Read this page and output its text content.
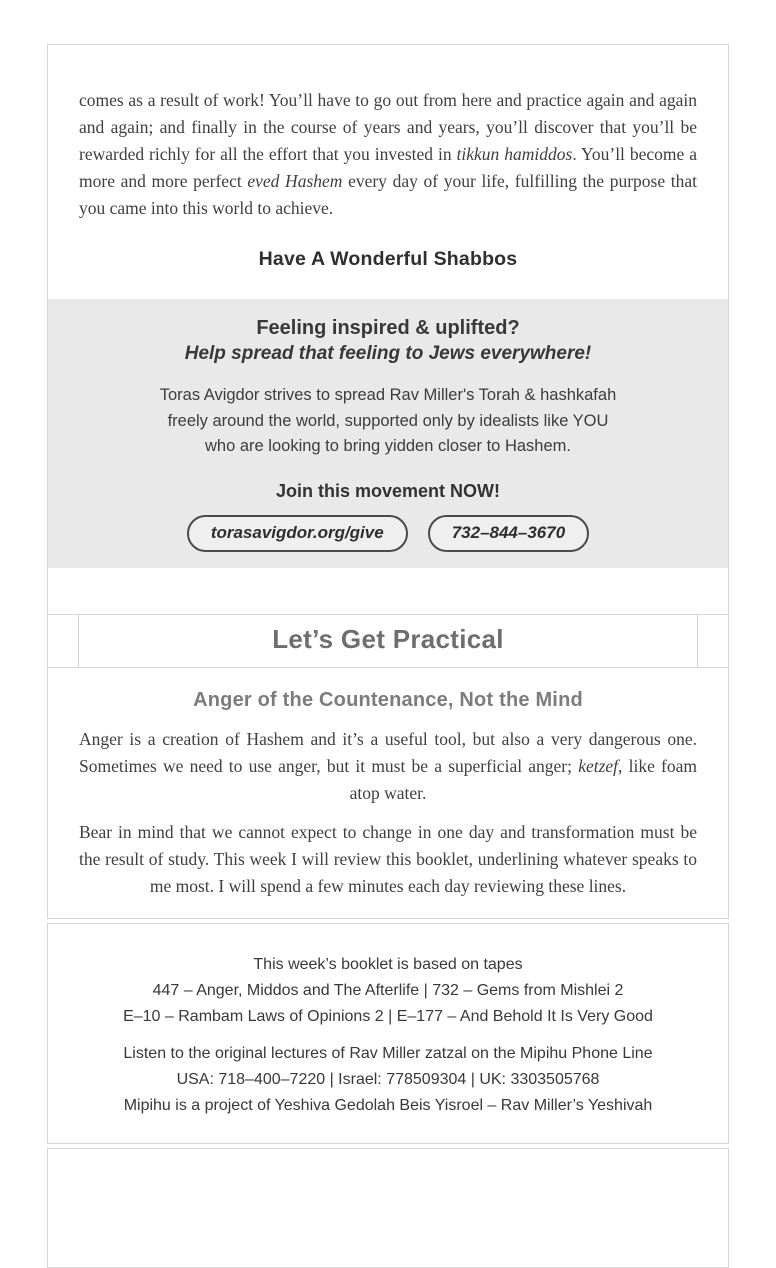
comes as a result of work! You’ll have to go out from here and practice again and again and again; and finally in the course of years and years, you’ll discover that you’ll be rewarded richly for all the effort that you invested in tikkun hamiddos. You’ll become a more and more perfect eved Hashem every day of your life, fulfilling the purpose that you came into this world to achieve.

Have A Wonderful Shabbos
Feeling inspired & uplifted?
Help spread that feeling to Jews everywhere!
Toras Avigdor strives to spread Rav Miller's Torah & hashkafah
freely around the world, supported only by idealists like YOU
who are looking to bring yidden closer to Hashem.
Join this movement NOW!
torasavigdor.org/give	732–844–3670
Let’s Get Practical
Anger of the Countenance, Not the Mind

Anger is a creation of Hashem and it’s a useful tool, but also a very dangerous one. Sometimes we need to use anger, but it must be a superficial anger; ketzef, like foam atop water.

Bear in mind that we cannot expect to change in one day and transformation must be the result of study. This week I will review this booklet, underlining whatever speaks to me most. I will spend a few minutes each day reviewing these lines.

This week’s booklet is based on tapes
447 – Anger, Middos and The Afterlife | 732 – Gems from Mishlei 2
E–10 – Rambam Laws of Opinions 2 | E–177 – And Behold It Is Very Good
Listen to the original lectures of Rav Miller zatzal on the Mipihu Phone Line
USA: 718–400–7220 | Israel: 778509304 | UK: 3303505768
Mipihu is a project of Yeshiva Gedolah Beis Yisroel – Rav Miller’s Yeshivah
